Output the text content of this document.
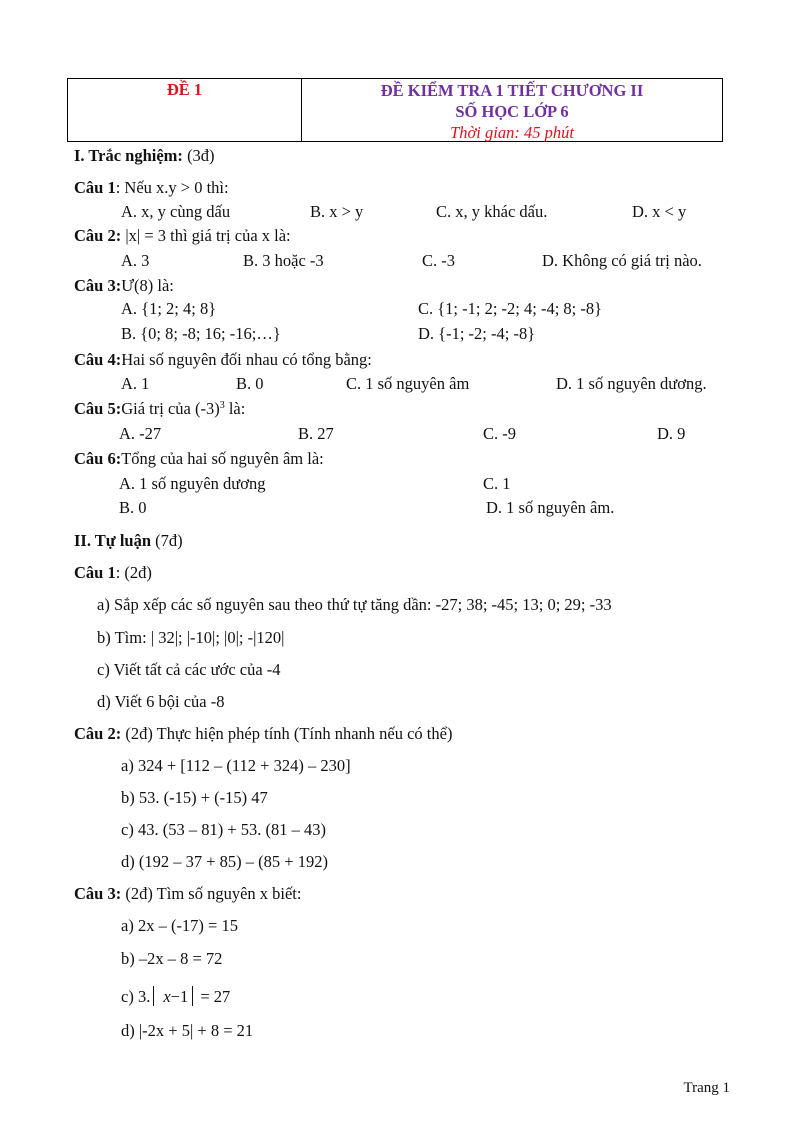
ĐỀ 1	ĐỀ KIỂM TRA 1 TIẾT CHƯƠNG II
SỐ HỌC LỚP 6
Thời gian: 45 phút
I. Trắc nghiệm: (3đ)
Câu 1: Nếu x.y > 0 thì:
A. x, y cùng dấu	B. x > y	C. x, y khác dấu.	D. x < y
Câu 2: |x| = 3 thì giá trị của x là:
A. 3	B. 3 hoặc -3	C. -3	D. Không có giá trị nào.
Câu 3:Ư(8) là:
A. {1; 2; 4; 8}	C. {1; -1; 2; -2; 4; -4; 8; -8}
B. {0; 8; -8; 16; -16;…}	D. {-1; -2; -4; -8}
Câu 4:Hai số nguyên đối nhau có tổng bằng:
A. 1	B. 0	C. 1 số nguyên âm	D. 1 số nguyên dương.
Câu 5:Giá trị của $(-3)^3$ là:
A. -27	B. 27	C. -9	D. 9
Câu 6:Tổng của hai số nguyên âm là:
A. 1 số nguyên dương	C. 1
B. 0	D. 1 số nguyên âm.
II. Tự luận (7đ)
Câu 1: (2đ)
a) Sắp xếp các số nguyên sau theo thứ tự tăng dần: -27; 38; -45; 13; 0; 29; -33
b) Tìm: | 32|; |-10|; |0|; -|120|
c) Viết tất cả các ước của -4
d) Viết 6 bội của -8
Câu 2: (2đ) Thực hiện phép tính (Tính nhanh nếu có thể)
a) 324 + [112 – (112 + 324) – 230]
b) 53. (-15) + (-15) 47
c) 43. (53 – 81) + 53. (81 – 43)
d) (192 – 37 + 85) – (85 + 192)
Câu 3: (2đ) Tìm số nguyên x biết:
a) 2x – (-17) = 15
b) –2x – 8 = 72
c) 3. x−1 = 27
d) |-2x + 5| + 8 = 21
Trang 1
